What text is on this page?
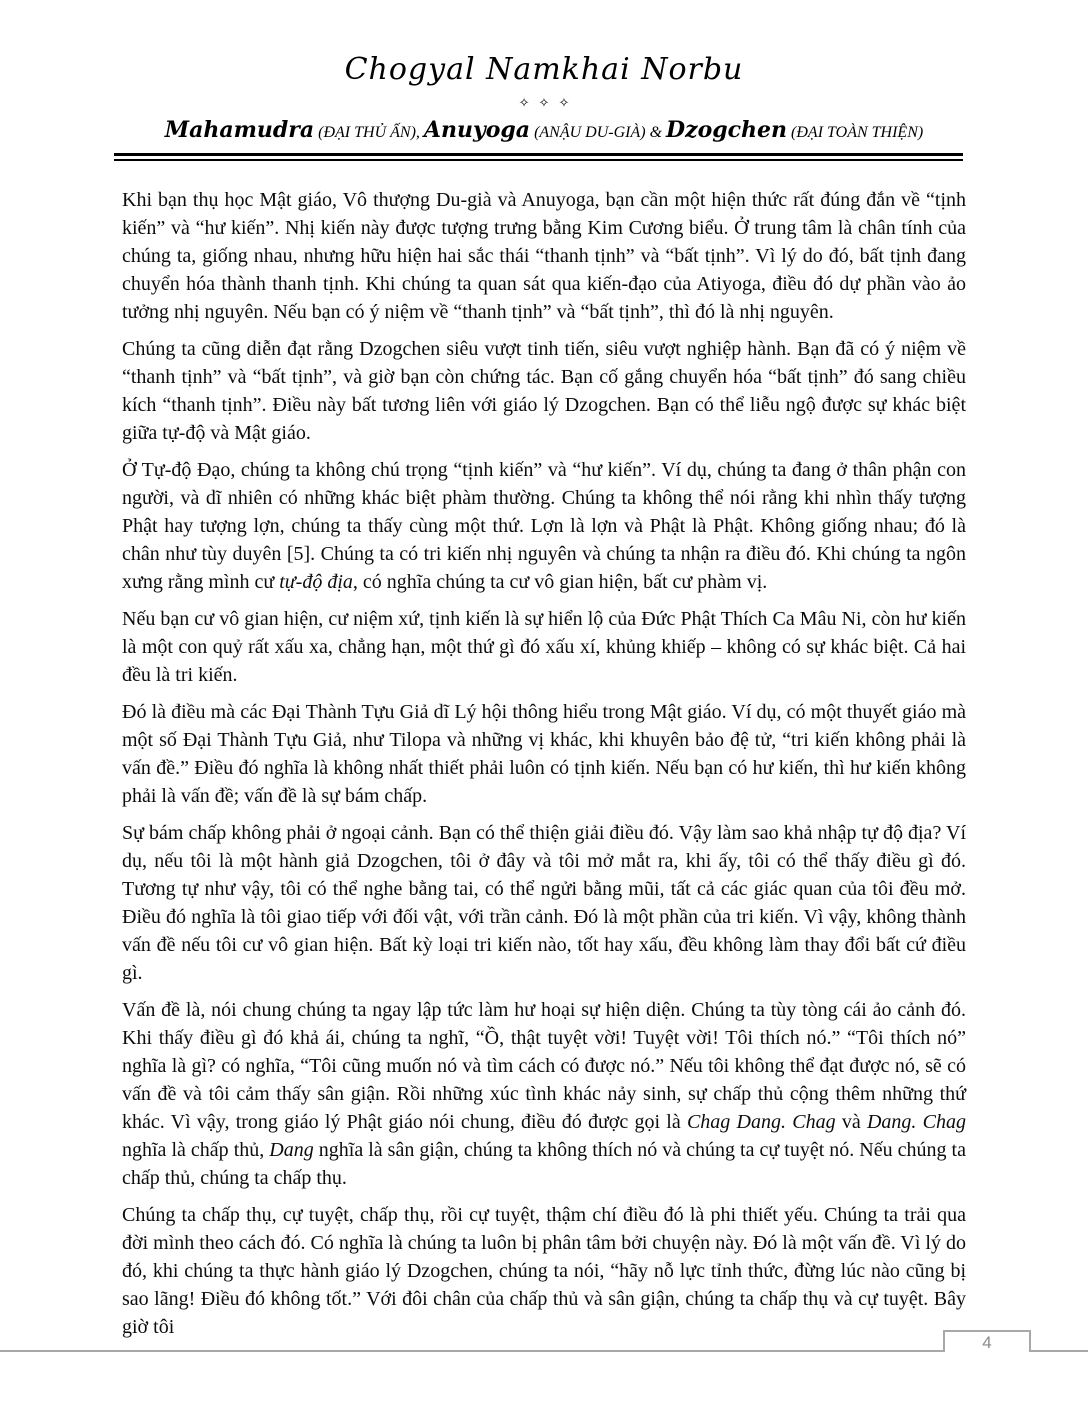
Chogyal Namkhai Norbu
✧✧✧
Mahamudra (ĐẠI THỦ ẤN), Anuyoga (ANẬU DU-GIÀ) & Dzogchen (ĐẠI TOÀN THIỆN)

Khi bạn thụ học Mật giáo, Vô thượng Du-già và Anuyoga, bạn cần một hiện thức rất đúng đắn về “tịnh kiến” và “hư kiến”. Nhị kiến này được tượng trưng bằng Kim Cương biểu. Ở trung tâm là chân tính của chúng ta, giống nhau, nhưng hữu hiện hai sắc thái “thanh tịnh” và “bất tịnh”. Vì lý do đó, bất tịnh đang chuyển hóa thành thanh tịnh. Khi chúng ta quan sát qua kiến-đạo của Atiyoga, điều đó dự phần vào ảo tưởng nhị nguyên. Nếu bạn có ý niệm về “thanh tịnh” và “bất tịnh”, thì đó là nhị nguyên.

Chúng ta cũng diễn đạt rằng Dzogchen siêu vượt tinh tiến, siêu vượt nghiệp hành. Bạn đã có ý niệm về “thanh tịnh” và “bất tịnh”, và giờ bạn còn chứng tác. Bạn cố gắng chuyển hóa “bất tịnh” đó sang chiều kích “thanh tịnh”. Điều này bất tương liên với giáo lý Dzogchen. Bạn có thể liễu ngộ được sự khác biệt giữa tự-độ và Mật giáo.

Ở Tự-độ Đạo, chúng ta không chú trọng “tịnh kiến” và “hư kiến”. Ví dụ, chúng ta đang ở thân phận con người, và dĩ nhiên có những khác biệt phàm thường. Chúng ta không thể nói rằng khi nhìn thấy tượng Phật hay tượng lợn, chúng ta thấy cùng một thứ. Lợn là lợn và Phật là Phật. Không giống nhau; đó là chân như tùy duyên [5]. Chúng ta có tri kiến nhị nguyên và chúng ta nhận ra điều đó. Khi chúng ta ngôn xưng rằng mình cư tự-độ địa, có nghĩa chúng ta cư vô gian hiện, bất cư phàm vị.

Nếu bạn cư vô gian hiện, cư niệm xứ, tịnh kiến là sự hiển lộ của Đức Phật Thích Ca Mâu Ni, còn hư kiến là một con quỷ rất xấu xa, chẳng hạn, một thứ gì đó xấu xí, khủng khiếp – không có sự khác biệt. Cả hai đều là tri kiến.

Đó là điều mà các Đại Thành Tựu Giả dĩ Lý hội thông hiểu trong Mật giáo. Ví dụ, có một thuyết giáo mà một số Đại Thành Tựu Giả, như Tilopa và những vị khác, khi khuyên bảo đệ tử, “tri kiến không phải là vấn đề.” Điều đó nghĩa là không nhất thiết phải luôn có tịnh kiến. Nếu bạn có hư kiến, thì hư kiến không phải là vấn đề; vấn đề là sự bám chấp.

Sự bám chấp không phải ở ngoại cảnh. Bạn có thể thiện giải điều đó. Vậy làm sao khả nhập tự độ địa? Ví dụ, nếu tôi là một hành giả Dzogchen, tôi ở đây và tôi mở mắt ra, khi ấy, tôi có thể thấy điều gì đó. Tương tự như vậy, tôi có thể nghe bằng tai, có thể ngửi bằng mũi, tất cả các giác quan của tôi đều mở. Điều đó nghĩa là tôi giao tiếp với đối vật, với trần cảnh. Đó là một phần của tri kiến. Vì vậy, không thành vấn đề nếu tôi cư vô gian hiện. Bất kỳ loại tri kiến nào, tốt hay xấu, đều không làm thay đổi bất cứ điều gì.

Vấn đề là, nói chung chúng ta ngay lập tức làm hư hoại sự hiện diện. Chúng ta tùy tòng cái ảo cảnh đó. Khi thấy điều gì đó khả ái, chúng ta nghĩ, “Ồ, thật tuyệt vời! Tuyệt vời! Tôi thích nó.” “Tôi thích nó” nghĩa là gì? có nghĩa, “Tôi cũng muốn nó và tìm cách có được nó.” Nếu tôi không thể đạt được nó, sẽ có vấn đề và tôi cảm thấy sân giận. Rồi những xúc tình khác nảy sinh, sự chấp thủ cộng thêm những thứ khác. Vì vậy, trong giáo lý Phật giáo nói chung, điều đó được gọi là Chag Dang. Chag và Dang. Chag nghĩa là chấp thủ, Dang nghĩa là sân giận, chúng ta không thích nó và chúng ta cự tuyệt nó. Nếu chúng ta chấp thủ, chúng ta chấp thụ.

Chúng ta chấp thụ, cự tuyệt, chấp thụ, rồi cự tuyệt, thậm chí điều đó là phi thiết yếu. Chúng ta trải qua đời mình theo cách đó. Có nghĩa là chúng ta luôn bị phân tâm bởi chuyện này. Đó là một vấn đề. Vì lý do đó, khi chúng ta thực hành giáo lý Dzogchen, chúng ta nói, “hãy nỗ lực tỉnh thức, đừng lúc nào cũng bị sao lãng! Điều đó không tốt.” Với đôi chân của chấp thủ và sân giận, chúng ta chấp thụ và cự tuyệt. Bây giờ tôi

4
